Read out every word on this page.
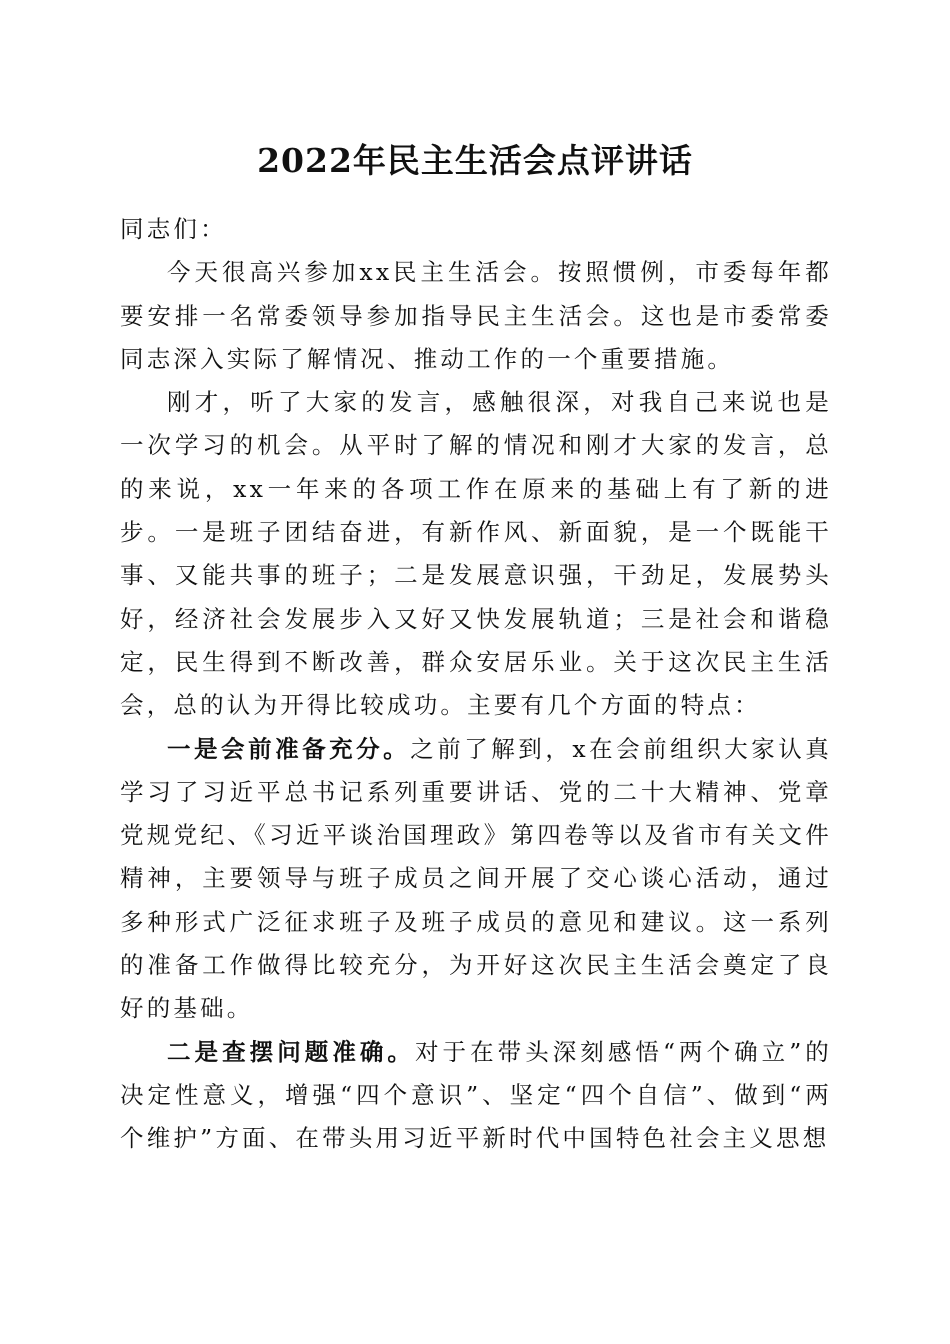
2022年民主生活会点评讲话

同志们：

今天很高兴参加xx民主生活会。按照惯例，市委每年都要安排一名常委领导参加指导民主生活会。这也是市委常委同志深入实际了解情况、推动工作的一个重要措施。

刚才，听了大家的发言，感触很深，对我自己来说也是一次学习的机会。从平时了解的情况和刚才大家的发言，总的来说，xx一年来的各项工作在原来的基础上有了新的进步。一是班子团结奋进，有新作风、新面貌，是一个既能干事、又能共事的班子；二是发展意识强，干劲足，发展势头好，经济社会发展步入又好又快发展轨道；三是社会和谐稳定，民生得到不断改善，群众安居乐业。关于这次民主生活会，总的认为开得比较成功。主要有几个方面的特点：

一是会前准备充分。之前了解到，x在会前组织大家认真学习了习近平总书记系列重要讲话、党的二十大精神、党章党规党纪、《习近平谈治国理政》第四卷等以及省市有关文件精神，主要领导与班子成员之间开展了交心谈心活动，通过多种形式广泛征求班子及班子成员的意见和建议。这一系列的准备工作做得比较充分，为开好这次民主生活会奠定了良好的基础。

二是查摆问题准确。对于在带头深刻感悟“两个确立”的决定性意义，增强“四个意识”、坚定“四个自信”、做到“两个维护”方面、在带头用习近平新时代中国特色社会主义思想
